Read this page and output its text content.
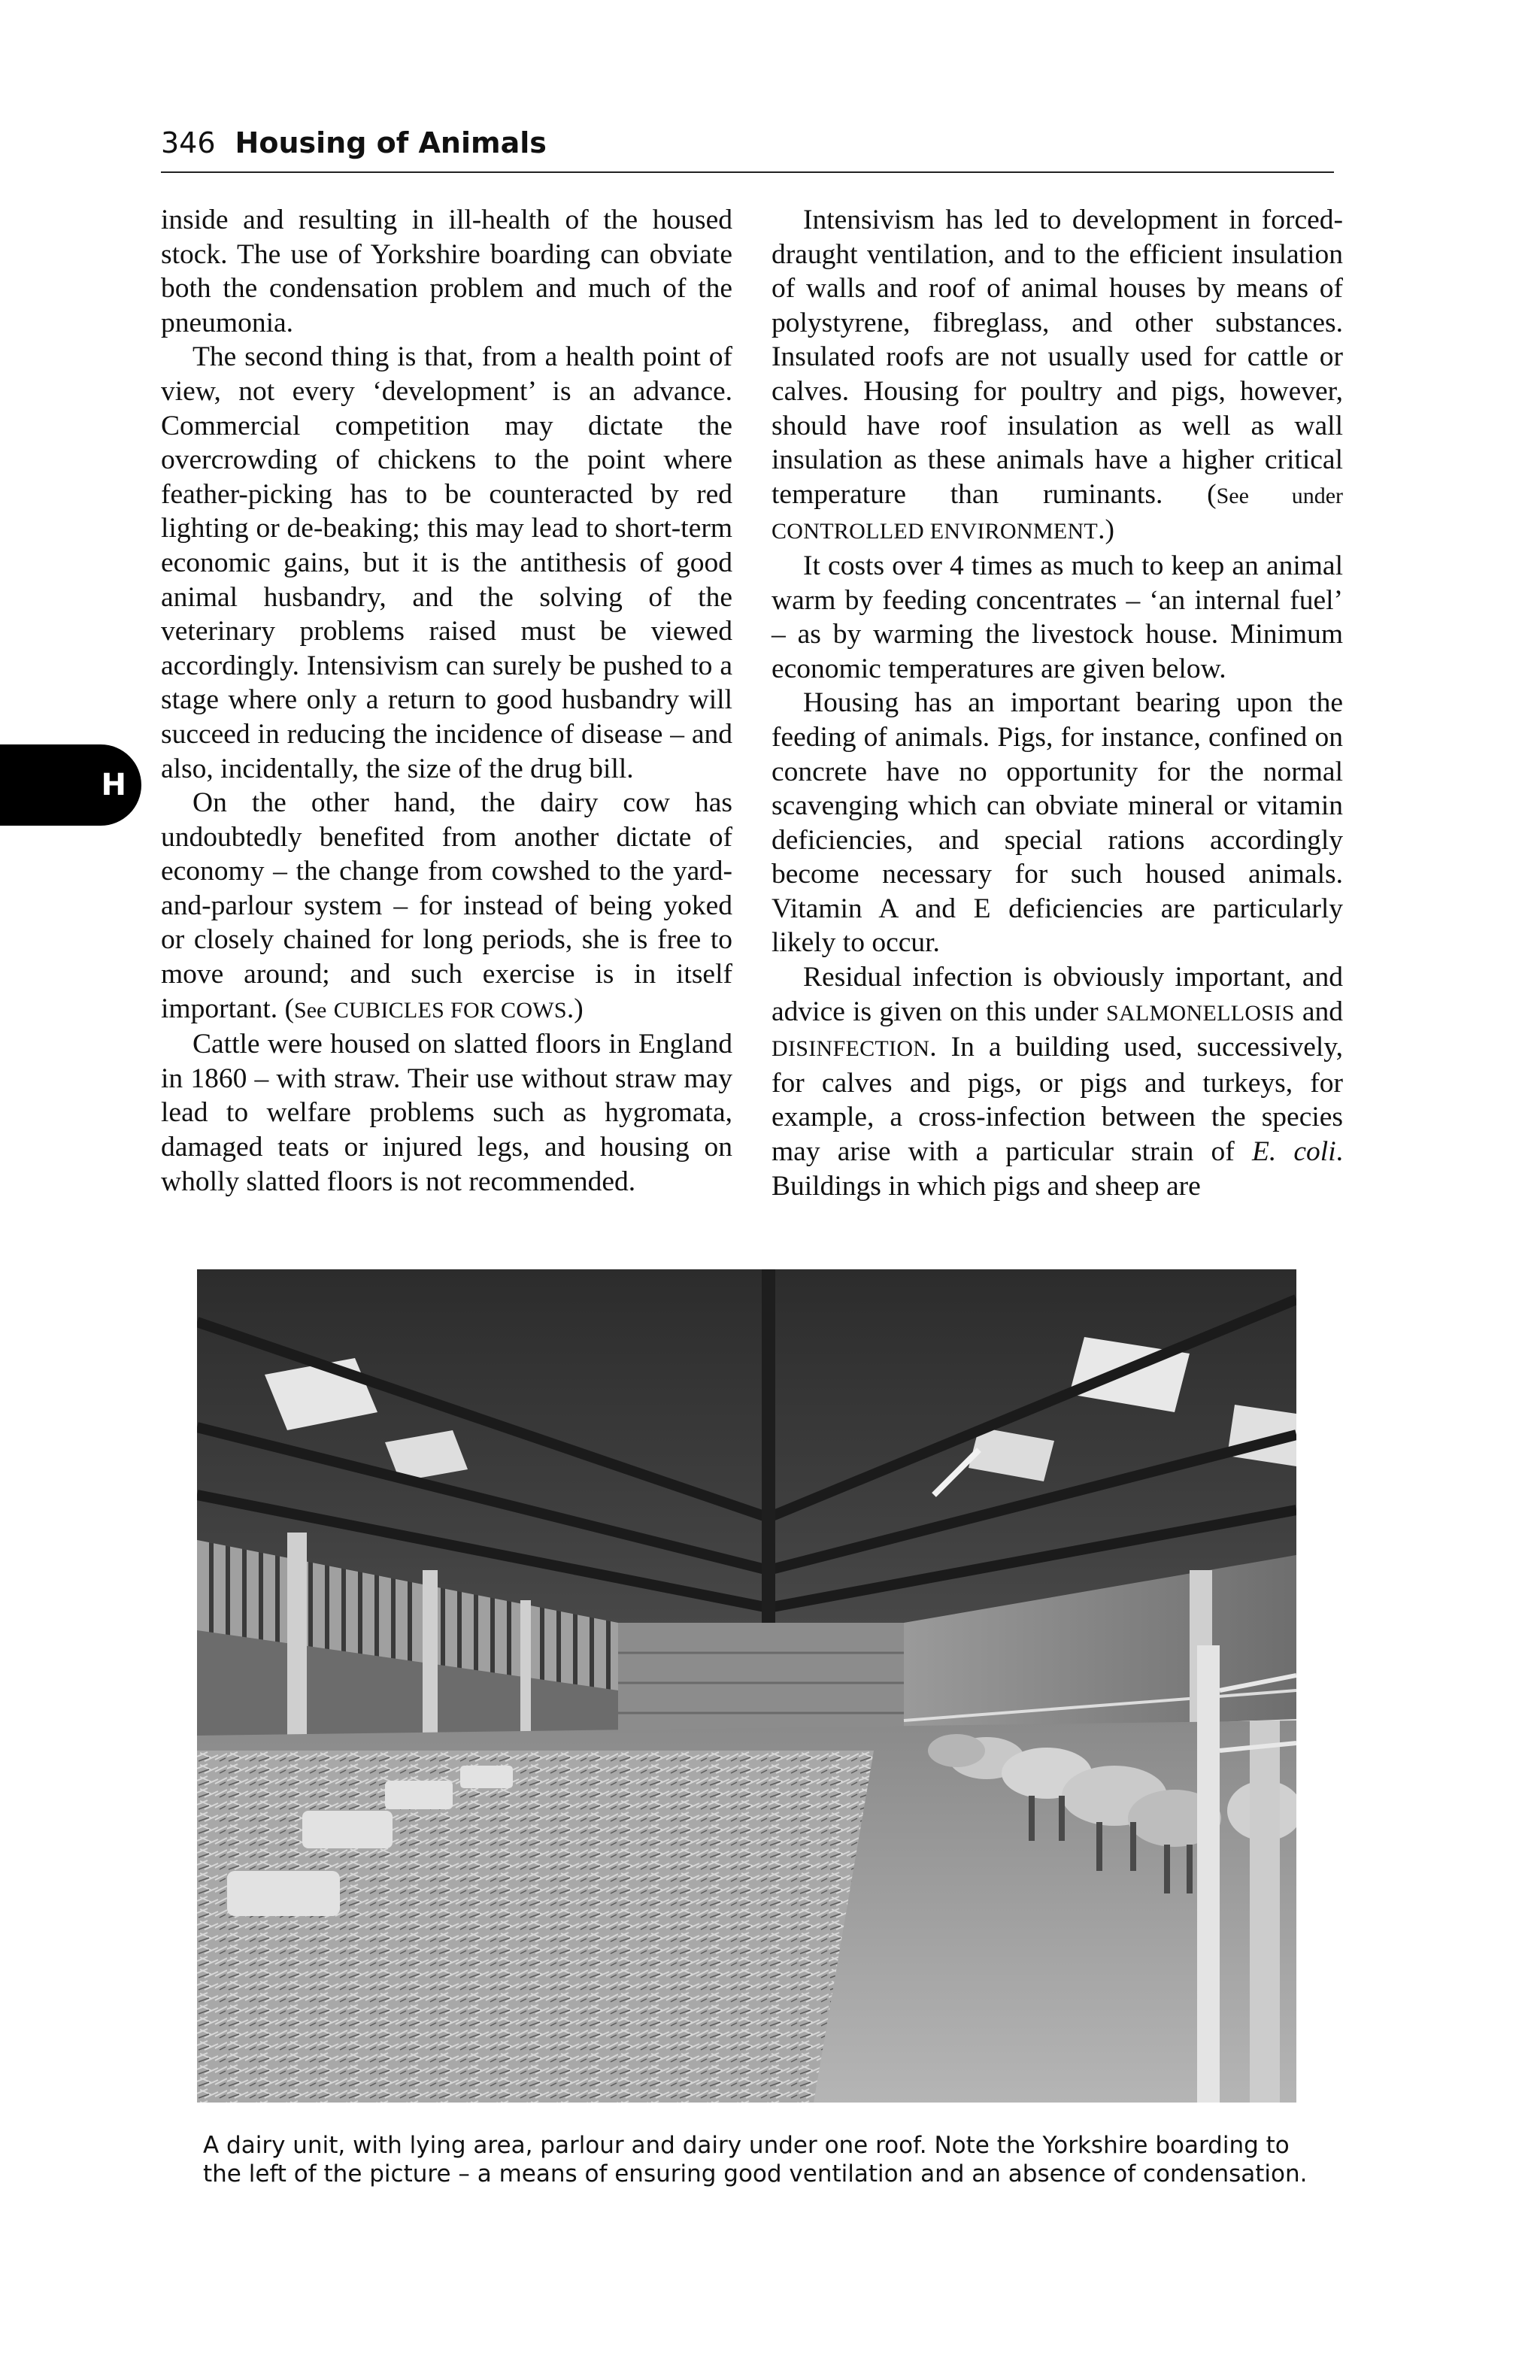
346 Housing of Animals
H

inside and resulting in ill-health of the housed stock. The use of Yorkshire boarding can obviate both the condensation problem and much of the pneumonia.

The second thing is that, from a health point of view, not every ‘development’ is an advance. Commercial competition may dictate the overcrowding of chickens to the point where feather-picking has to be counteracted by red lighting or de-beaking; this may lead to short-term economic gains, but it is the antithesis of good animal husbandry, and the solving of the veterinary problems raised must be viewed accordingly. Intensivism can surely be pushed to a stage where only a return to good husbandry will succeed in reducing the incidence of disease – and also, incidentally, the size of the drug bill.

On the other hand, the dairy cow has undoubtedly benefited from another dictate of economy – the change from cowshed to the yard-and-parlour system – for instead of being yoked or closely chained for long periods, she is free to move around; and such exercise is in itself important. (See CUBICLES FOR COWS.)

Cattle were housed on slatted floors in England in 1860 – with straw. Their use without straw may lead to welfare problems such as hygromata, damaged teats or injured legs, and housing on wholly slatted floors is not recommended.

Intensivism has led to development in forced-draught ventilation, and to the efficient insulation of walls and roof of animal houses by means of polystyrene, fibreglass, and other substances. Insulated roofs are not usually used for cattle or calves. Housing for poultry and pigs, however, should have roof insulation as well as wall insulation as these animals have a higher critical temperature than ruminants. (See under CONTROLLED ENVIRONMENT.)

It costs over 4 times as much to keep an animal warm by feeding concentrates – ‘an internal fuel’ – as by warming the livestock house. Minimum economic temperatures are given below.

Housing has an important bearing upon the feeding of animals. Pigs, for instance, confined on concrete have no opportunity for the normal scavenging which can obviate mineral or vitamin deficiencies, and special rations accordingly become necessary for such housed animals. Vitamin A and E deficiencies are particularly likely to occur.

Residual infection is obviously important, and advice is given on this under SALMONELLOSIS and DISINFECTION. In a building used, successively, for calves and pigs, or pigs and turkeys, for example, a cross-infection between the species may arise with a particular strain of E. coli. Buildings in which pigs and sheep are

A dairy unit, with lying area, parlour and dairy under one roof. Note the Yorkshire boarding to the left of the picture – a means of ensuring good ventilation and an absence of condensation.
